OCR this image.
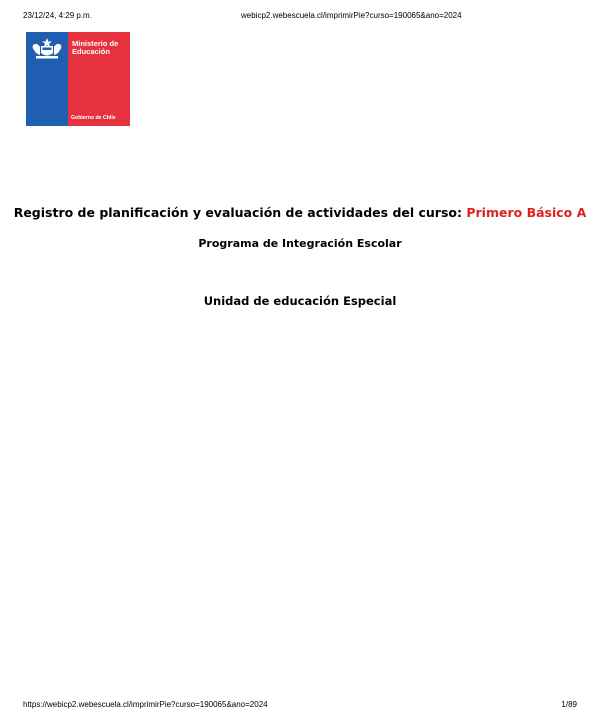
23/12/24, 4:29 p.m.	webicp2.webescuela.cl/imprimirPie?curso=190065&ano=2024
Ministerio de
Educación
Gobierno de Chile
Registro de planificación y evaluación de actividades del curso: Primero Básico A
Programa de Integración Escolar
Unidad de educación Especial
https://webicp2.webescuela.cl/imprimirPie?curso=190065&ano=2024	1/89
